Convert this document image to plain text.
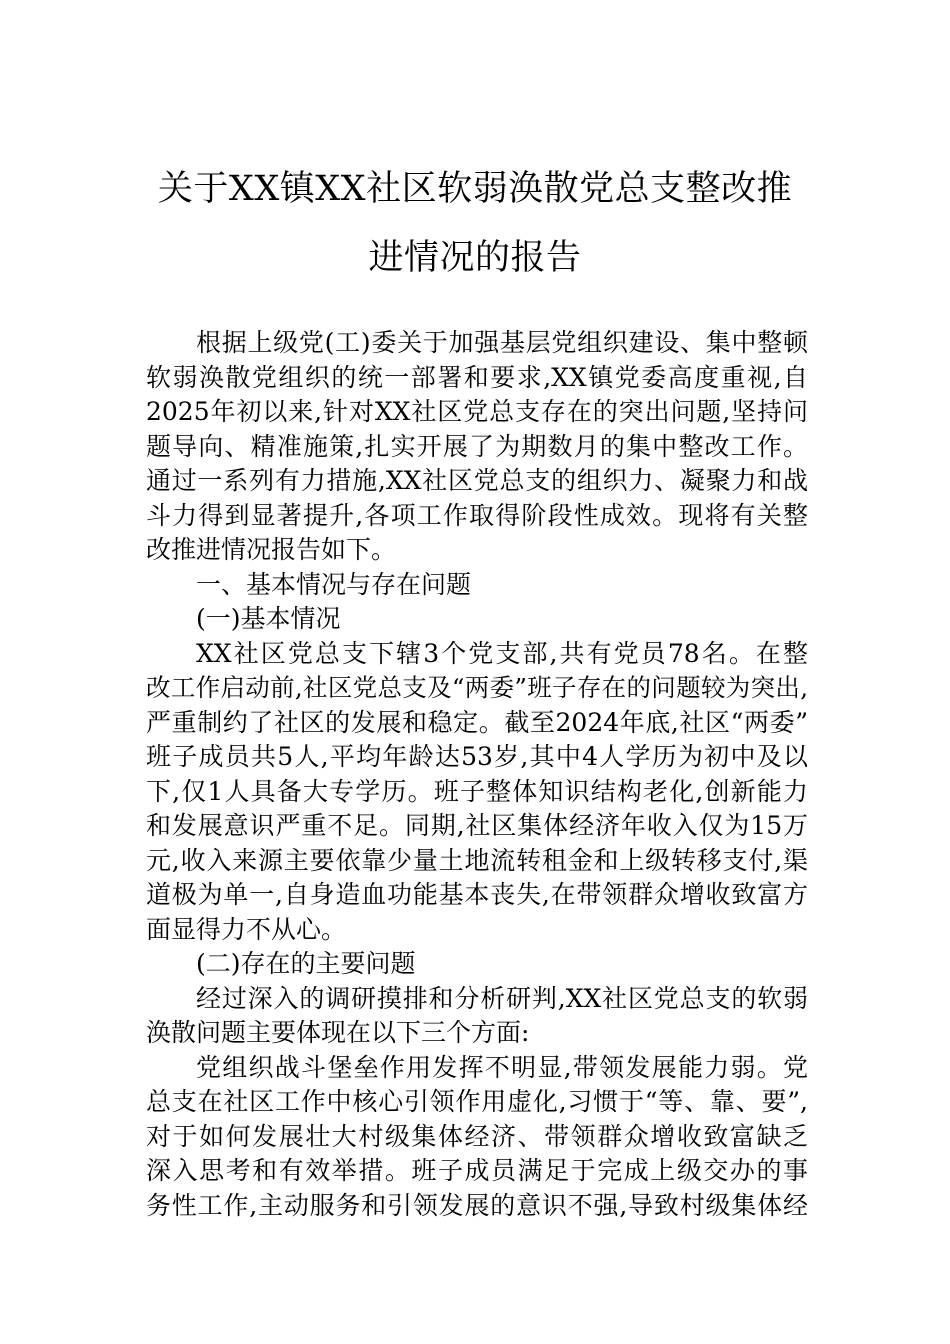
关于XX镇XX社区软弱涣散党总支整改推
进情况的报告
根据上级党(工)委关于加强基层党组织建设、集中整顿
软弱涣散党组织的统一部署和要求,XX镇党委高度重视,自
2025年初以来,针对XX社区党总支存在的突出问题,坚持问
题导向、精准施策,扎实开展了为期数月的集中整改工作。
通过一系列有力措施,XX社区党总支的组织力、凝聚力和战
斗力得到显著提升,各项工作取得阶段性成效。现将有关整
改推进情况报告如下。
一、基本情况与存在问题
(一)基本情况
XX社区党总支下辖3个党支部,共有党员78名。在整
改工作启动前,社区党总支及“两委”班子存在的问题较为突出,
严重制约了社区的发展和稳定。截至2024年底,社区“两委”
班子成员共5人,平均年龄达53岁,其中4人学历为初中及以
下,仅1人具备大专学历。班子整体知识结构老化,创新能力
和发展意识严重不足。同期,社区集体经济年收入仅为15万
元,收入来源主要依靠少量土地流转租金和上级转移支付,渠
道极为单一,自身造血功能基本丧失,在带领群众增收致富方
面显得力不从心。
(二)存在的主要问题
经过深入的调研摸排和分析研判,XX社区党总支的软弱
涣散问题主要体现在以下三个方面:
党组织战斗堡垒作用发挥不明显,带领发展能力弱。党
总支在社区工作中核心引领作用虚化,习惯于“等、靠、要”,
对于如何发展壮大村级集体经济、带领群众增收致富缺乏
深入思考和有效举措。班子成员满足于完成上级交办的事
务性工作,主动服务和引领发展的意识不强,导致村级集体经
